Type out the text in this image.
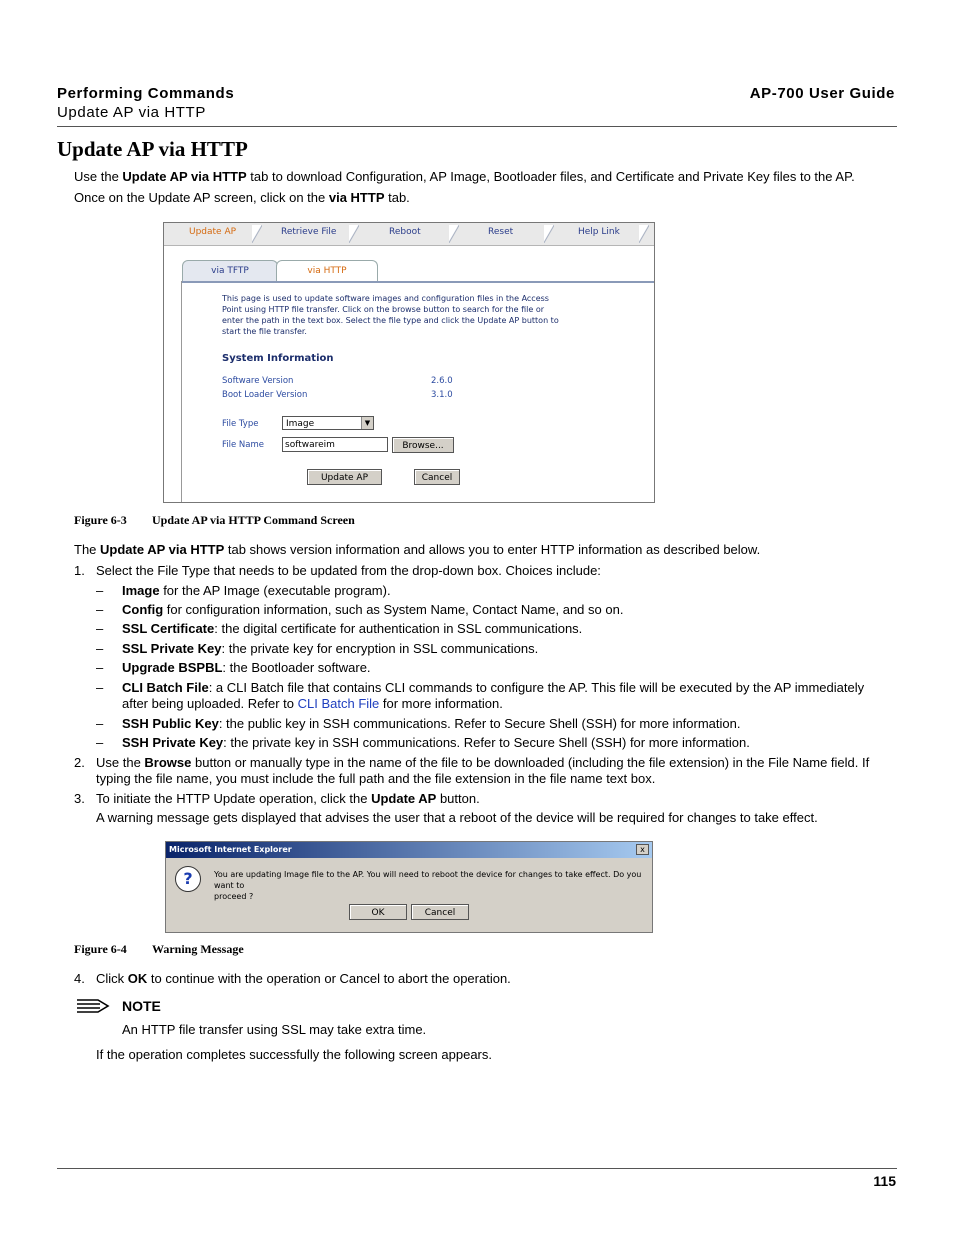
Performing Commands
Update AP via HTTP
AP-700 User Guide
Update AP via HTTP
Use the Update AP via HTTP tab to download Configuration, AP Image, Bootloader files, and Certificate and Private Key files to the AP.
Once on the Update AP screen, click on the via HTTP tab.
Update AP	Retrieve File	Reboot	Reset	Help Link
via TFTP	via HTTP
This page is used to update software images and configuration files in the Access
Point using HTTP file transfer. Click on the browse button to search for the file or
enter the path in the text box. Select the file type and click the Update AP button to
start the file transfer.
System Information
Software Version	2.6.0
Boot Loader Version	3.1.0
File Type	Image	▼
File Name	softwareim	Browse...
Update AP	Cancel
Figure 6-3 Update AP via HTTP Command Screen
The Update AP via HTTP tab shows version information and allows you to enter HTTP information as described below.
1. Select the File Type that needs to be updated from the drop-down box. Choices include:
– Image for the AP Image (executable program).
– Config for configuration information, such as System Name, Contact Name, and so on.
– SSL Certificate: the digital certificate for authentication in SSL communications.
– SSL Private Key: the private key for encryption in SSL communications.
– Upgrade BSPBL: the Bootloader software.
– CLI Batch File: a CLI Batch file that contains CLI commands to configure the AP. This file will be executed by the AP immediately
after being uploaded. Refer to CLI Batch File for more information.
– SSH Public Key: the public key in SSH communications. Refer to Secure Shell (SSH) for more information.
– SSH Private Key: the private key in SSH communications. Refer to Secure Shell (SSH) for more information.
2. Use the Browse button or manually type in the name of the file to be downloaded (including the file extension) in the File Name field. If
typing the file name, you must include the full path and the file extension in the file name text box.
3. To initiate the HTTP Update operation, click the Update AP button.
A warning message gets displayed that advises the user that a reboot of the device will be required for changes to take effect.
Microsoft Internet Explorer	x
?	You are updating Image file to the AP. You will need to reboot the device for changes to take effect. Do you want to
proceed ?
OK	Cancel
Figure 6-4 Warning Message
4. Click OK to continue with the operation or Cancel to abort the operation.
NOTE
An HTTP file transfer using SSL may take extra time.
If the operation completes successfully the following screen appears.
115
